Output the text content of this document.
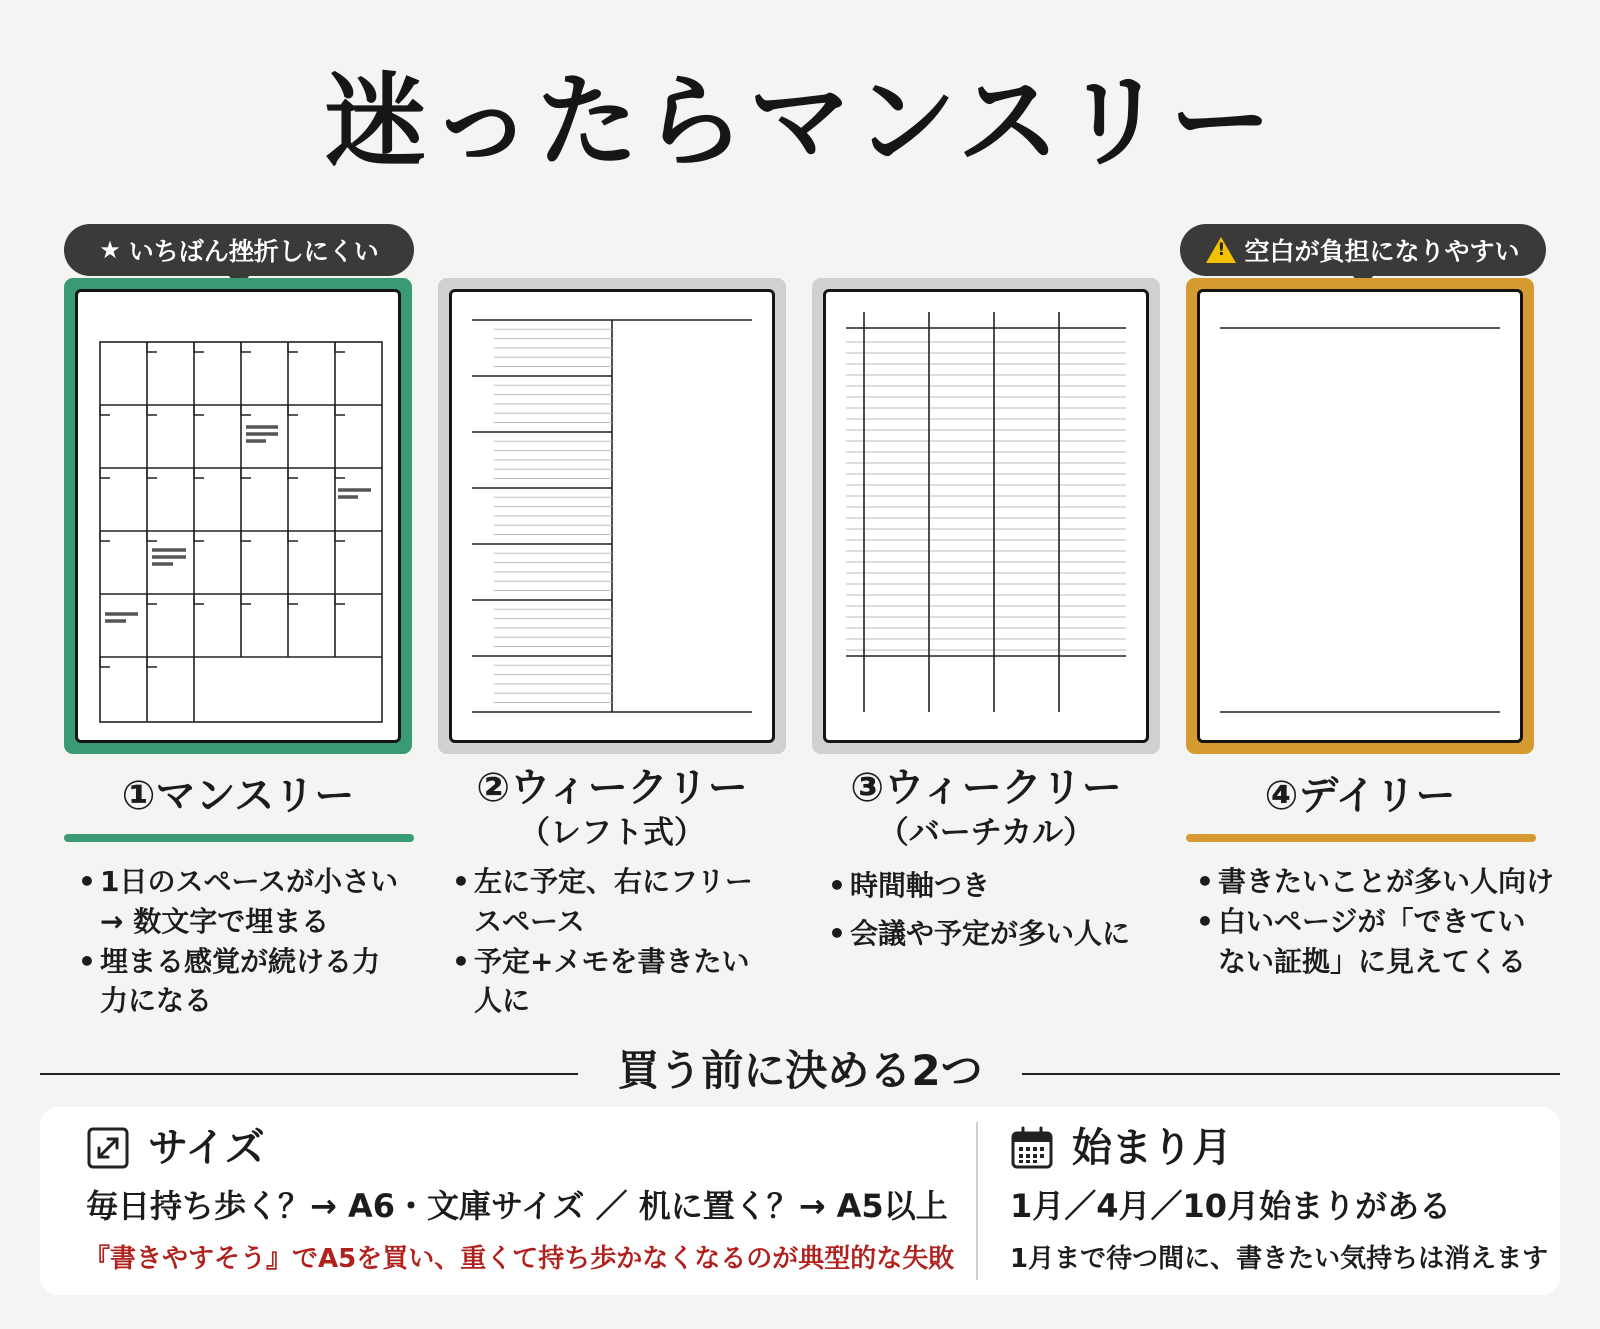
迷ったらマンスリー
★ いちばん挫折しにくい	! 空白が負担になりやすい
①マンスリー	②ウィークリー
（レフト式）
③ウィークリー
（バーチカル）
④デイリー
• 1日のスペースが小さい
→ 数文字で埋まる
• 埋まる感覚が続ける力
力になる
• 左に予定、右にフリー
スペース
• 予定+メモを書きたい
人に
• 時間軸つき
• 会議や予定が多い人に
• 書きたいことが多い人向け
• 白いページが「できてい
ない証拠」に見えてくる
買う前に決める2つ
サイズ
毎日持ち歩く？→ A6・文庫サイズ ／ 机に置く？→ A5以上
『書きやすそう』でA5を買い、重くて持ち歩かなくなるのが典型的な失敗
始まり月
1月／4月／10月始まりがある
1月まで待つ間に、書きたい気持ちは消えます
